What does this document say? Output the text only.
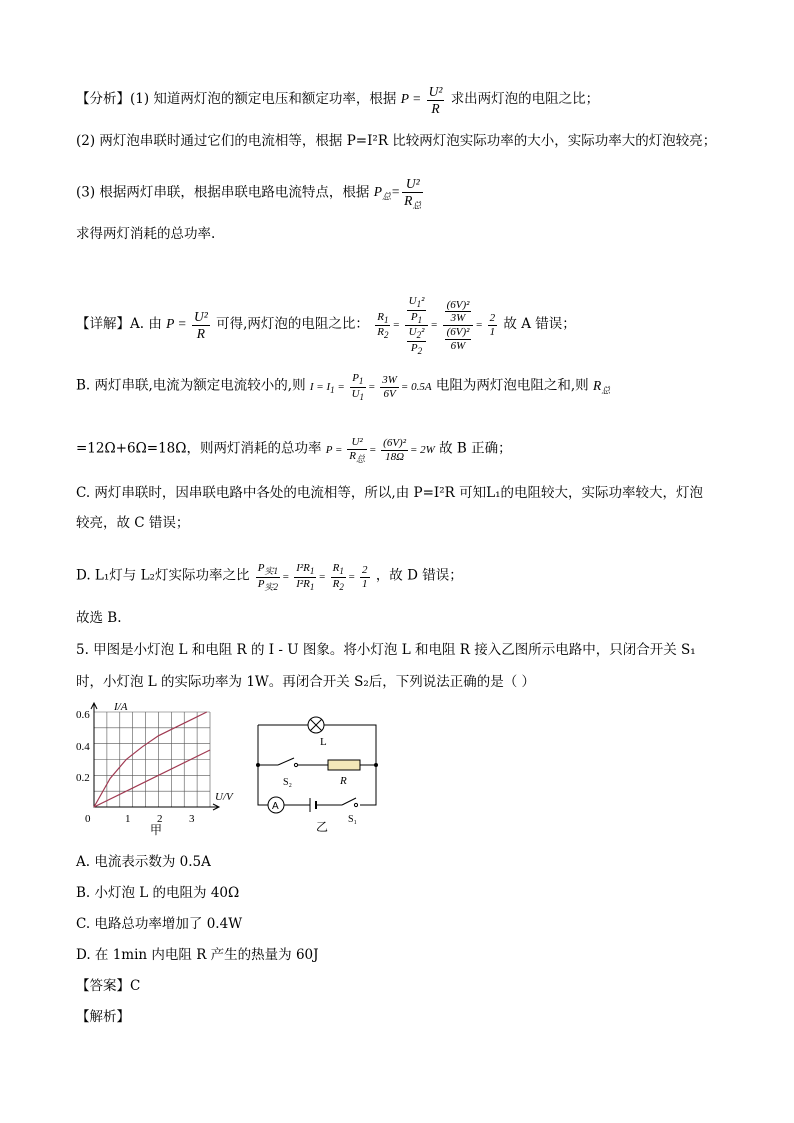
【分析】(1) 知道两灯泡的额定电压和额定功率，根据 $P = \frac{\text{U²}}{R}$ 求出两灯泡的电阻之比；
(2) 两灯泡串联时通过它们的电流相等，根据 P=I²R 比较两灯泡实际功率的大小，实际功率大的灯泡较亮；
(3) 根据两灯串联，根据串联电路电流特点，根据 $P_总= \frac{\text{U²}}{R_总}$
求得两灯消耗的总功率.
【详解】A. 由 $P = \frac{\text{U²}}{R}$ 可得,两灯泡的电阻之比： $\frac{R_1}{R_2} = \frac{\frac{U_1^2}{P_1}}{\frac{U_2^2}{P_2}} = \frac{\frac{\text{(6V)²}}{3W}}{\frac{\text{(6V)²}}{6W}} = \frac{2}{1}$ 故 A 错误；
B. 两灯串联,电流为额定电流较小的,则 $I = I_1 = \frac{P_1}{U_1} = \frac{3W}{6V} = 0.5A$ 电阻为两灯泡电阻之和,则 $R_总$
=12Ω+6Ω=18Ω，则两灯消耗的总功率 $P = \frac{\text{U²}}{R_总} = \frac{\text{(6V)²}}{18\Omega} = 2W$ 故 B 正确；
C. 两灯串联时，因串联电路中各处的电流相等，所以,由 P=I²R 可知L₁的电阻较大，实际功率较大，灯泡
较亮，故 C 错误；
D. L₁灯与 L₂灯实际功率之比 $\frac{P_{实1}}{P_{实2}} = \frac{I^2R_1}{I^2R_1} = \frac{R_1}{R_2} = \frac{2}{1}$ ，故 D 错误；
故选 B.
5. 甲图是小灯泡 L 和电阻 R 的 I - U 图象。将小灯泡 L 和电阻 R 接入乙图所示电路中，只闭合开关 S₁
时，小灯泡 L 的实际功率为 1W。再闭合开关 S₂后，下列说法正确的是（ ）
I/A
U/V
0.6
0.4
0.2
0	1 2 3
甲
A
L
R
S₂
S₁
乙
A. 电流表示数为 0.5A
B. 小灯泡 L 的电阻为 40Ω
C. 电路总功率增加了 0.4W
D. 在 1min 内电阻 R 产生的热量为 60J
【答案】C
【解析】
